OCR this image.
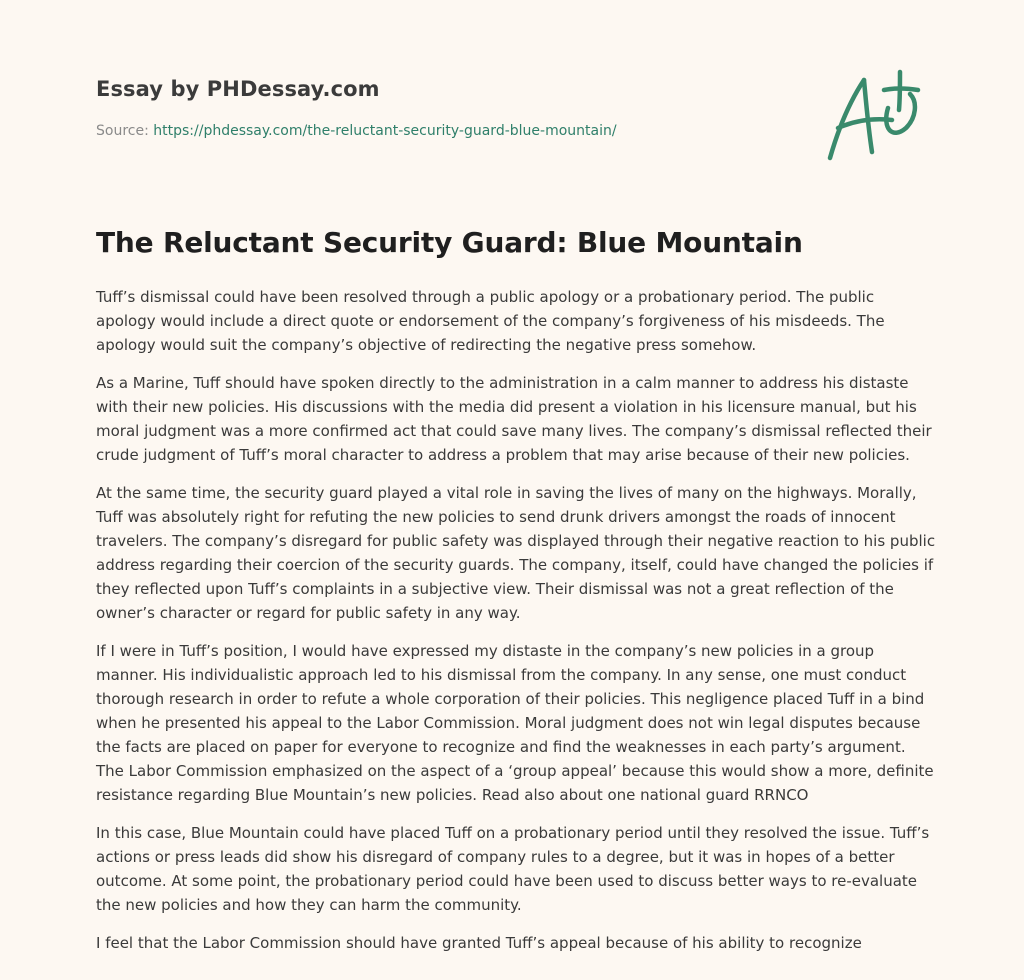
Essay by PHDessay.com
Source: https://phdessay.com/the-reluctant-security-guard-blue-mountain/
The Reluctant Security Guard: Blue Mountain

Tuff’s dismissal could have been resolved through a public apology or a probationary period. The public apology would include a direct quote or endorsement of the company’s forgiveness of his misdeeds. The apology would suit the company’s objective of redirecting the negative press somehow.

As a Marine, Tuff should have spoken directly to the administration in a calm manner to address his distaste with their new policies. His discussions with the media did present a violation in his licensure manual, but his moral judgment was a more confirmed act that could save many lives. The company’s dismissal reflected their crude judgment of Tuff’s moral character to address a problem that may arise because of their new policies.

At the same time, the security guard played a vital role in saving the lives of many on the highways. Morally, Tuff was absolutely right for refuting the new policies to send drunk drivers amongst the roads of innocent travelers. The company’s disregard for public safety was displayed through their negative reaction to his public address regarding their coercion of the security guards. The company, itself, could have changed the policies if they reflected upon Tuff’s complaints in a subjective view. Their dismissal was not a great reflection of the owner’s character or regard for public safety in any way.

If I were in Tuff’s position, I would have expressed my distaste in the company’s new policies in a group manner. His individualistic approach led to his dismissal from the company. In any sense, one must conduct thorough research in order to refute a whole corporation of their policies. This negligence placed Tuff in a bind when he presented his appeal to the Labor Commission. Moral judgment does not win legal disputes because the facts are placed on paper for everyone to recognize and find the weaknesses in each party’s argument. The Labor Commission emphasized on the aspect of a ‘group appeal’ because this would show a more, definite resistance regarding Blue Mountain’s new policies. Read also about one national guard RRNCO

In this case, Blue Mountain could have placed Tuff on a probationary period until they resolved the issue. Tuff’s actions or press leads did show his disregard of company rules to a degree, but it was in hopes of a better outcome. At some point, the probationary period could have been used to discuss better ways to re-evaluate the new policies and how they can harm the community.

I feel that the Labor Commission should have granted Tuff’s appeal because of his ability to recognize
